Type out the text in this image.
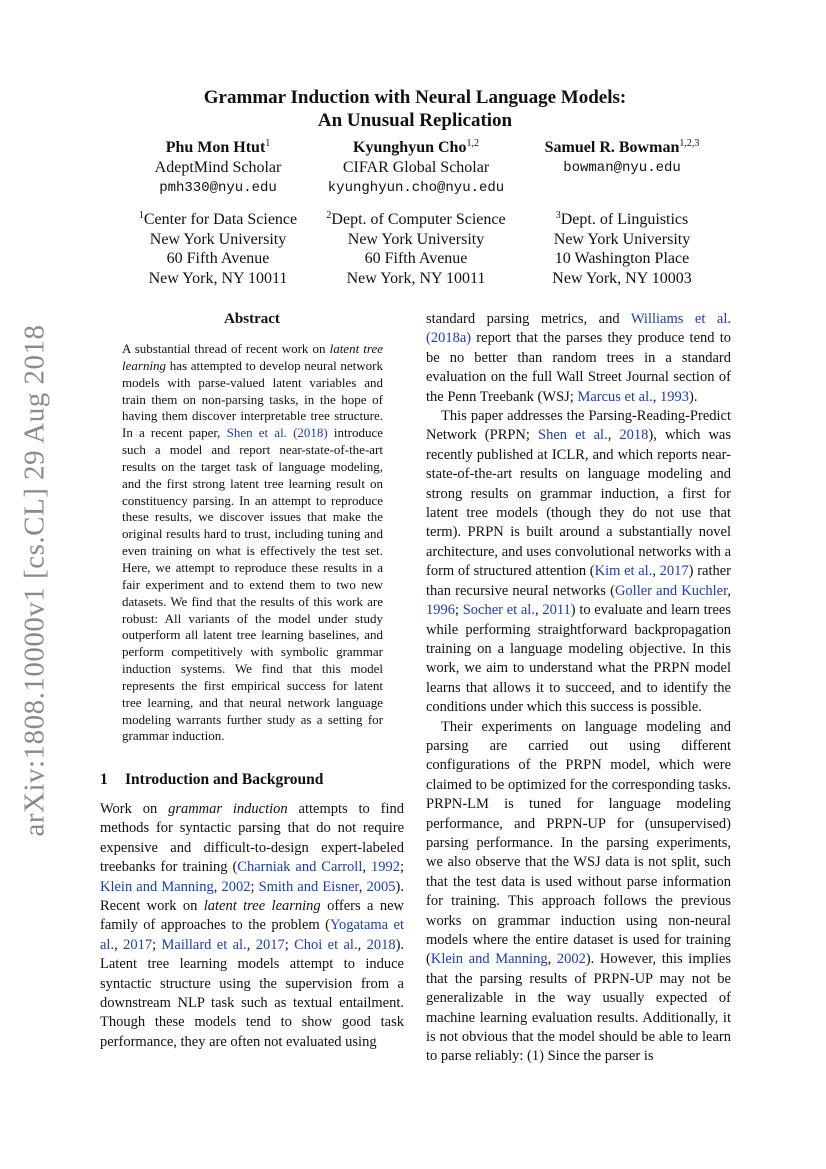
arXiv:1808.10000v1 [cs.CL] 29 Aug 2018
Grammar Induction with Neural Language Models:
An Unusual Replication
Phu Mon Htut$^1$
AdeptMind Scholar
pmh330@nyu.edu
Kyunghyun Cho$^{1,2}$
CIFAR Global Scholar
kyunghyun.cho@nyu.edu
Samuel R. Bowman$^{1,2,3}$
bowman@nyu.edu
$^1$Center for Data Science
New York University
60 Fifth Avenue
New York, NY 10011
$^2$Dept. of Computer Science
New York University
60 Fifth Avenue
New York, NY 10011
$^3$Dept. of Linguistics
New York University
10 Washington Place
New York, NY 10003
Abstract
A substantial thread of recent work on latent tree learning has attempted to develop neural network models with parse-valued latent variables and train them on non-parsing tasks, in the hope of having them discover interpretable tree structure. In a recent paper, Shen et al. (2018) introduce such a model and report near-state-of-the-art results on the target task of language modeling, and the first strong latent tree learning result on constituency parsing. In an attempt to reproduce these results, we discover issues that make the original results hard to trust, including tuning and even training on what is effectively the test set. Here, we attempt to reproduce these results in a fair experiment and to extend them to two new datasets. We find that the results of this work are robust: All variants of the model under study outperform all latent tree learning baselines, and perform competitively with symbolic grammar induction systems. We find that this model represents the first empirical success for latent tree learning, and that neural network language modeling warrants further study as a setting for grammar induction.
1 Introduction and Background

Work on grammar induction attempts to find methods for syntactic parsing that do not require expensive and difficult-to-design expert-labeled treebanks for training (Charniak and Carroll, 1992; Klein and Manning, 2002; Smith and Eisner, 2005). Recent work on latent tree learning offers a new family of approaches to the problem (Yogatama et al., 2017; Maillard et al., 2017; Choi et al., 2018). Latent tree learning models attempt to induce syntactic structure using the supervision from a downstream NLP task such as textual entailment. Though these models tend to show good task performance, they are often not evaluated using

standard parsing metrics, and Williams et al. (2018a) report that the parses they produce tend to be no better than random trees in a standard evaluation on the full Wall Street Journal section of the Penn Treebank (WSJ; Marcus et al., 1993).

This paper addresses the Parsing-Reading-Predict Network (PRPN; Shen et al., 2018), which was recently published at ICLR, and which reports near-state-of-the-art results on language modeling and strong results on grammar induction, a first for latent tree models (though they do not use that term). PRPN is built around a substantially novel architecture, and uses convolutional networks with a form of structured attention (Kim et al., 2017) rather than recursive neural networks (Goller and Kuchler, 1996; Socher et al., 2011) to evaluate and learn trees while performing straightforward backpropagation training on a language modeling objective. In this work, we aim to understand what the PRPN model learns that allows it to succeed, and to identify the conditions under which this success is possible.

Their experiments on language modeling and parsing are carried out using different configurations of the PRPN model, which were claimed to be optimized for the corresponding tasks. PRPN-LM is tuned for language modeling performance, and PRPN-UP for (unsupervised) parsing performance. In the parsing experiments, we also observe that the WSJ data is not split, such that the test data is used without parse information for training. This approach follows the previous works on grammar induction using non-neural models where the entire dataset is used for training (Klein and Manning, 2002). However, this implies that the parsing results of PRPN-UP may not be generalizable in the way usually expected of machine learning evaluation results. Additionally, it is not obvious that the model should be able to learn to parse reliably: (1) Since the parser is
